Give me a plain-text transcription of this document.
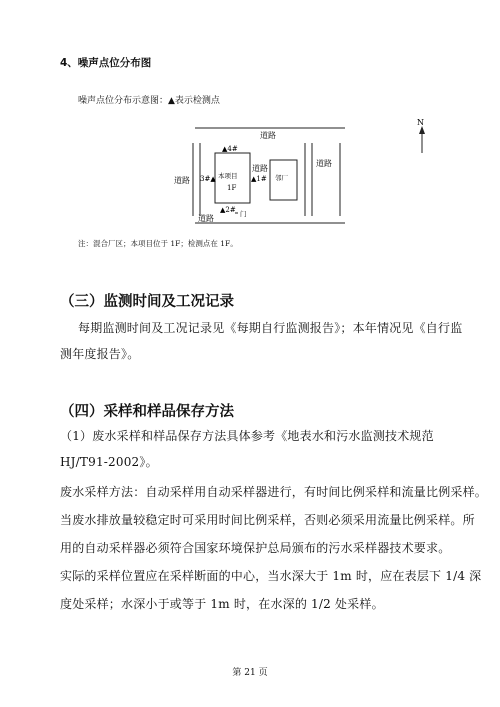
4、噪声点位分布图
噪声点位分布示意图：▲表示检测点
道路
道路
道路
道路
道路
▲4#
3#▲	▲1#
▲2#
本项目
1F
邻厂
门
N
注：混合厂区；本项目位于 1F；检测点在 1F。
（三）监测时间及工况记录
每期监测时间及工况记录见《每期自行监测报告》；本年情况见《自行监
测年度报告》。
（四）采样和样品保存方法
（1）废水采样和样品保存方法具体参考《地表水和污水监测技术规范
HJ/T91-2002》。
废水采样方法：自动采样用自动采样器进行，有时间比例采样和流量比例采样。
当废水排放量较稳定时可采用时间比例采样，否则必须采用流量比例采样。所
用的自动采样器必须符合国家环境保护总局颁布的污水采样器技术要求。
实际的采样位置应在采样断面的中心，当水深大于 1m 时，应在表层下 1/4 深
度处采样；水深小于或等于 1m 时，在水深的 1/2 处采样。
第 21 页
